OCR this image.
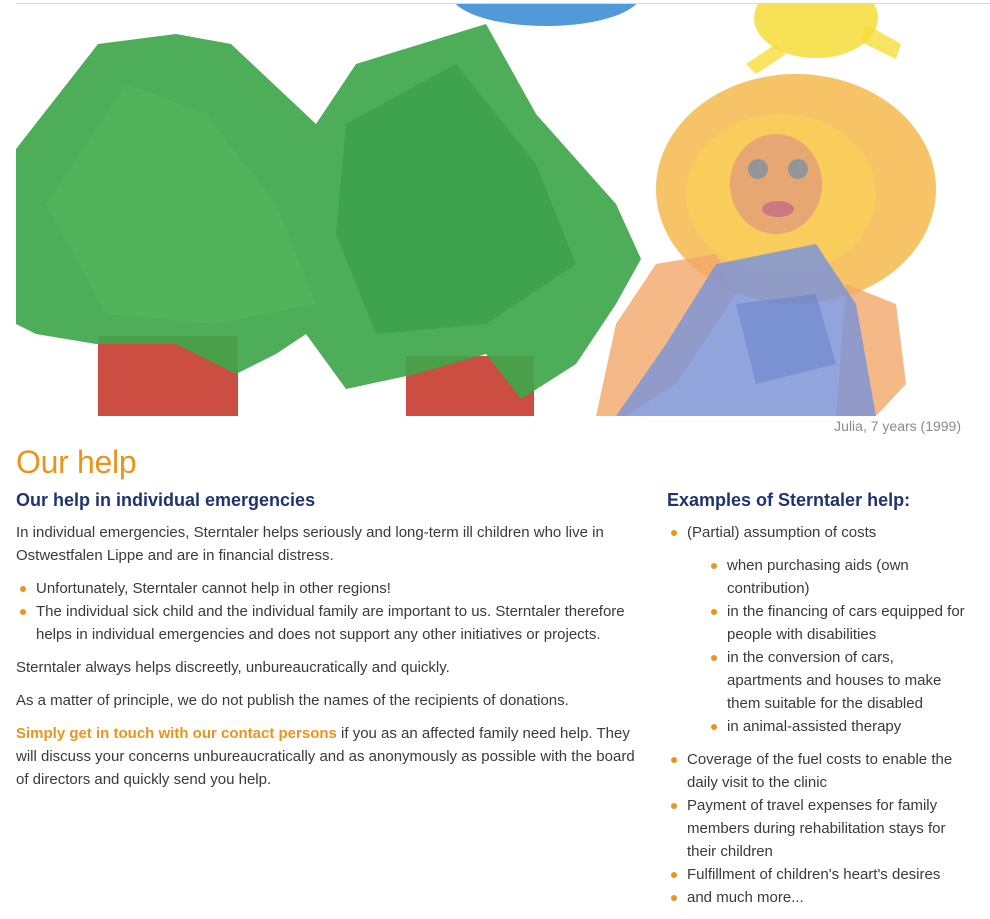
Julia, 7 years (1999)
Our help
Our help in individual emergencies

In individual emergencies, Sterntaler helps seriously and long-term ill children who live in Ostwestfalen Lippe and are in financial distress.

Unfortunately, Sterntaler cannot help in other regions!
The individual sick child and the individual family are important to us. Sterntaler therefore helps in individual emergencies and does not support any other initiatives or projects.

Sterntaler always helps discreetly, unbureaucratically and quickly.

As a matter of principle, we do not publish the names of the recipients of donations.

Simply get in touch with our contact persons if you as an affected family need help. They will discuss your concerns unbureaucratically and as anonymously as possible with the board of directors and quickly send you help.

Examples of Sterntaler help:
(Partial) assumption of costs
when purchasing aids (own contribution)
in the financing of cars equipped for people with disabilities
in the conversion of cars, apartments and houses to make them suitable for the disabled
in animal-assisted therapy
Coverage of the fuel costs to enable the daily visit to the clinic
Payment of travel expenses for family members during rehabilitation stays for their children
Fulfillment of children's heart's desires
and much more...
